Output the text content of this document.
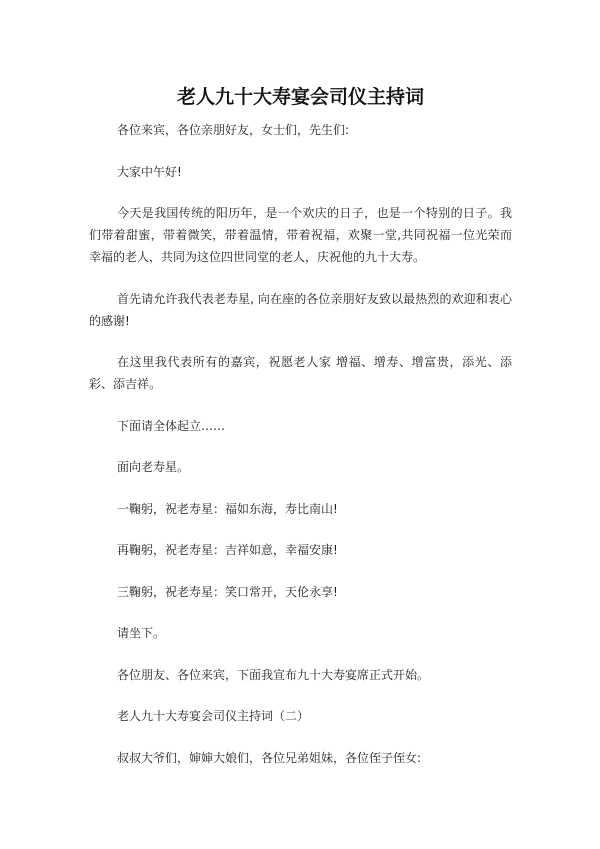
老人九十大寿宴会司仪主持词

各位来宾，各位亲朋好友，女士们，先生们:

大家中午好!

今天是我国传统的阳历年，是一个欢庆的日子，也是一个特别的日子。我们带着甜蜜，带着微笑，带着温情，带着祝福，欢聚一堂,共同祝福一位光荣而幸福的老人，共同为这位四世同堂的老人，庆祝他的九十大寿。

首先请允许我代表老寿星, 向在座的各位亲朋好友致以最热烈的欢迎和衷心的感谢!

在这里我代表所有的嘉宾，祝愿老人家 增福、增寿、增富贵，添光、添彩、添吉祥。

下面请全体起立……

面向老寿星。

一鞠躬，祝老寿星：福如东海，寿比南山!

再鞠躬，祝老寿星：吉祥如意，幸福安康!

三鞠躬，祝老寿星：笑口常开，天伦永享!

请坐下。

各位朋友、各位来宾，下面我宣布九十大寿宴席正式开始。

老人九十大寿宴会司仪主持词（二）

叔叔大爷们，婶婶大娘们，各位兄弟姐妹，各位侄子侄女:
